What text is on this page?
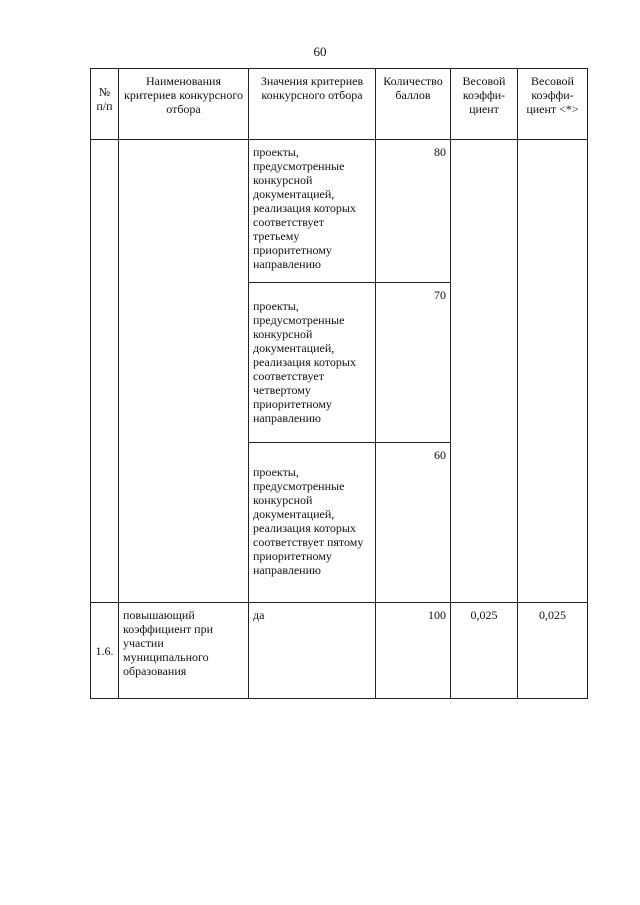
60
№ п/п	Наименования критериев конкурсного отбора	Значения критериев конкурсного отбора	Количество баллов	Весовой коэффи-циент	Весовой коэффи-циент <*>
		проекты, предусмотренные конкурсной документацией, реализация которых соответствует третьему приоритетному направлению	80		
		проекты, предусмотренные конкурсной документацией, реализация которых соответствует четвертому приоритетному направлению	70		
		проекты, предусмотренные конкурсной документацией, реализация которых соответствует пятому приоритетному направлению	60		
1.6.	повышающий коэффициент при участии муниципального образования	да	100	0,025	0,025
